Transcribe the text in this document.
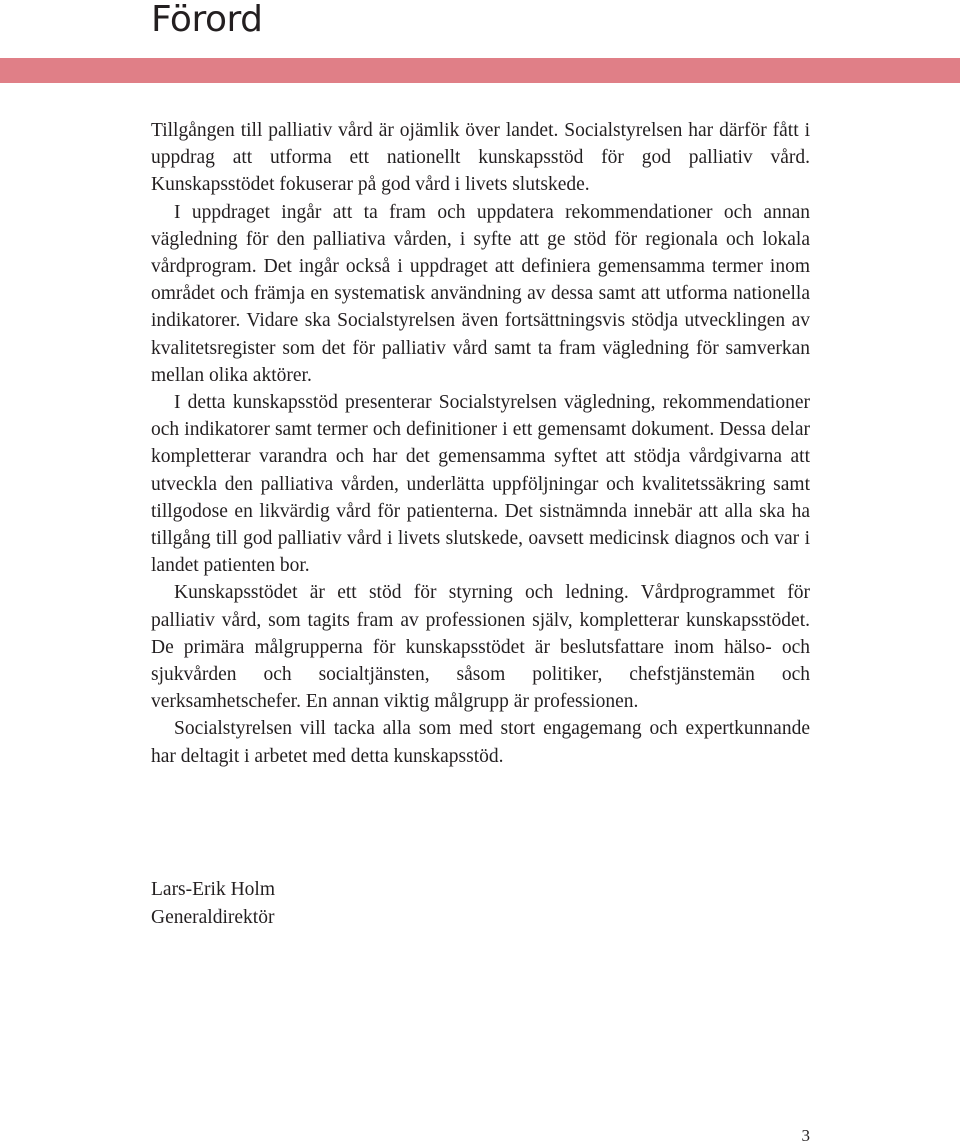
Förord

Tillgången till palliativ vård är ojämlik över landet. Socialstyrelsen har därför fått i uppdrag att utforma ett nationellt kunskapsstöd för god palliativ vård. Kunskapsstödet fokuserar på god vård i livets slutskede.

I uppdraget ingår att ta fram och uppdatera rekommendationer och annan vägledning för den palliativa vården, i syfte att ge stöd för regionala och lokala vårdprogram. Det ingår också i uppdraget att definiera gemensamma termer inom området och främja en systematisk användning av dessa samt att utforma nationella indikatorer. Vidare ska Socialstyrelsen även fortsättningsvis stödja utvecklingen av kvalitetsregister som det för palliativ vård samt ta fram vägledning för samverkan mellan olika aktörer.

I detta kunskapsstöd presenterar Socialstyrelsen vägledning, rekommendationer och indikatorer samt termer och definitioner i ett gemensamt dokument. Dessa delar kompletterar varandra och har det gemensamma syftet att stödja vårdgivarna att utveckla den palliativa vården, underlätta uppföljningar och kvalitetssäkring samt tillgodose en likvärdig vård för patienterna. Det sistnämnda innebär att alla ska ha tillgång till god palliativ vård i livets slutskede, oavsett medicinsk diagnos och var i landet patienten bor.

Kunskapsstödet är ett stöd för styrning och ledning. Vårdprogrammet för palliativ vård, som tagits fram av professionen själv, kompletterar kunskapsstödet. De primära målgrupperna för kunskapsstödet är beslutsfattare inom hälso- och sjukvården och socialtjänsten, såsom politiker, chefstjänstemän och verksamhetschefer. En annan viktig målgrupp är professionen.

Socialstyrelsen vill tacka alla som med stort engagemang och expertkunnande har deltagit i arbetet med detta kunskapsstöd.

Lars-Erik Holm
Generaldirektör
3
